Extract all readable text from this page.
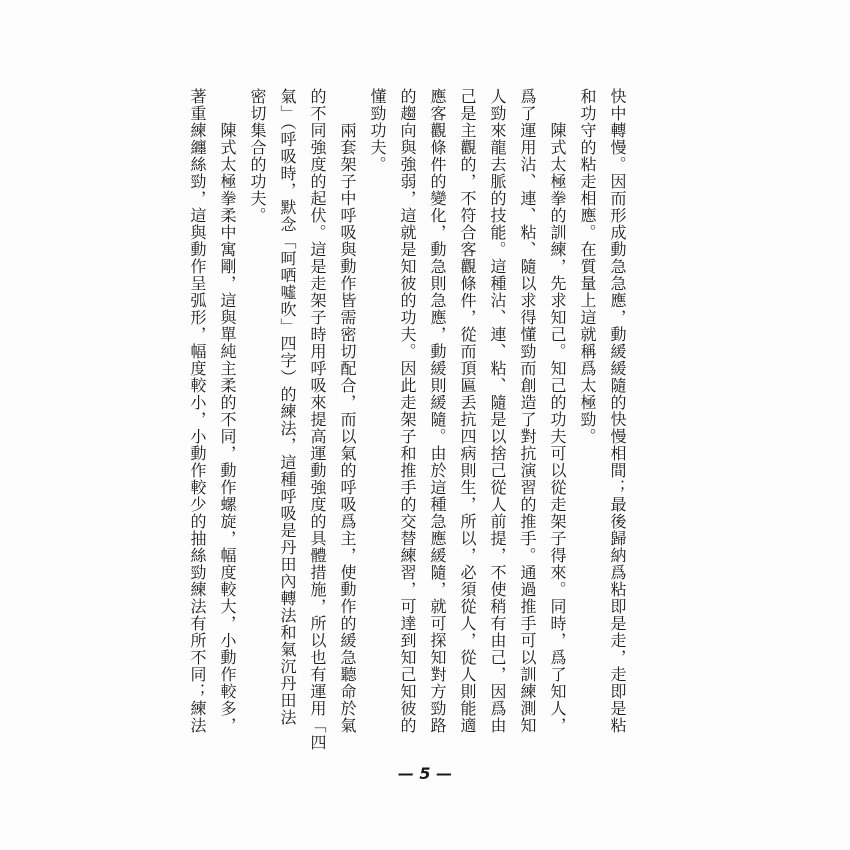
快中轉慢。因而形成動急急應，動緩緩隨的快慢相間；最後歸納爲粘即是走，走即是粘
和功守的粘走相應。在質量上這就稱爲太極勁。
陳式太極拳的訓練，先求知己。知己的功夫可以從走架子得來。同時，爲了知人，
爲了運用沾、連、粘、隨以求得懂勁而創造了對抗演習的推手。通過推手可以訓練測知
人勁來龍去脈的技能。這種沾、連、粘、隨是以捨己從人前提，不使稍有由己，因爲由
己是主觀的，不符合客觀條件，從而頂匾丢抗四病則生，所以，必須從人，從人則能適
應客觀條件的變化，動急則急應，動緩則緩隨。由於這種急應緩隨，就可探知對方勁路
的趨向與強弱，這就是知彼的功夫。因此走架子和推手的交替練習，可達到知己知彼的
懂勁功夫。
兩套架子中呼吸與動作皆需密切配合，而以氣的呼吸爲主，使動作的緩急聽命於氣
的不同強度的起伏。這是走架子時用呼吸來提高運動強度的具體措施，所以也有運用「四
氣」（呼吸時，默念「呵哂噓吹」四字）的練法，這種呼吸是丹田內轉法和氣沉丹田法
密切集合的功夫。
陳式太極拳柔中寓剛，這與單純主柔的不同，動作螺旋，幅度較大，小動作較多，
著重練纏絲勁，這與動作呈弧形，幅度較小，小動作較少的抽絲勁練法有所不同；練法
— 5 —
